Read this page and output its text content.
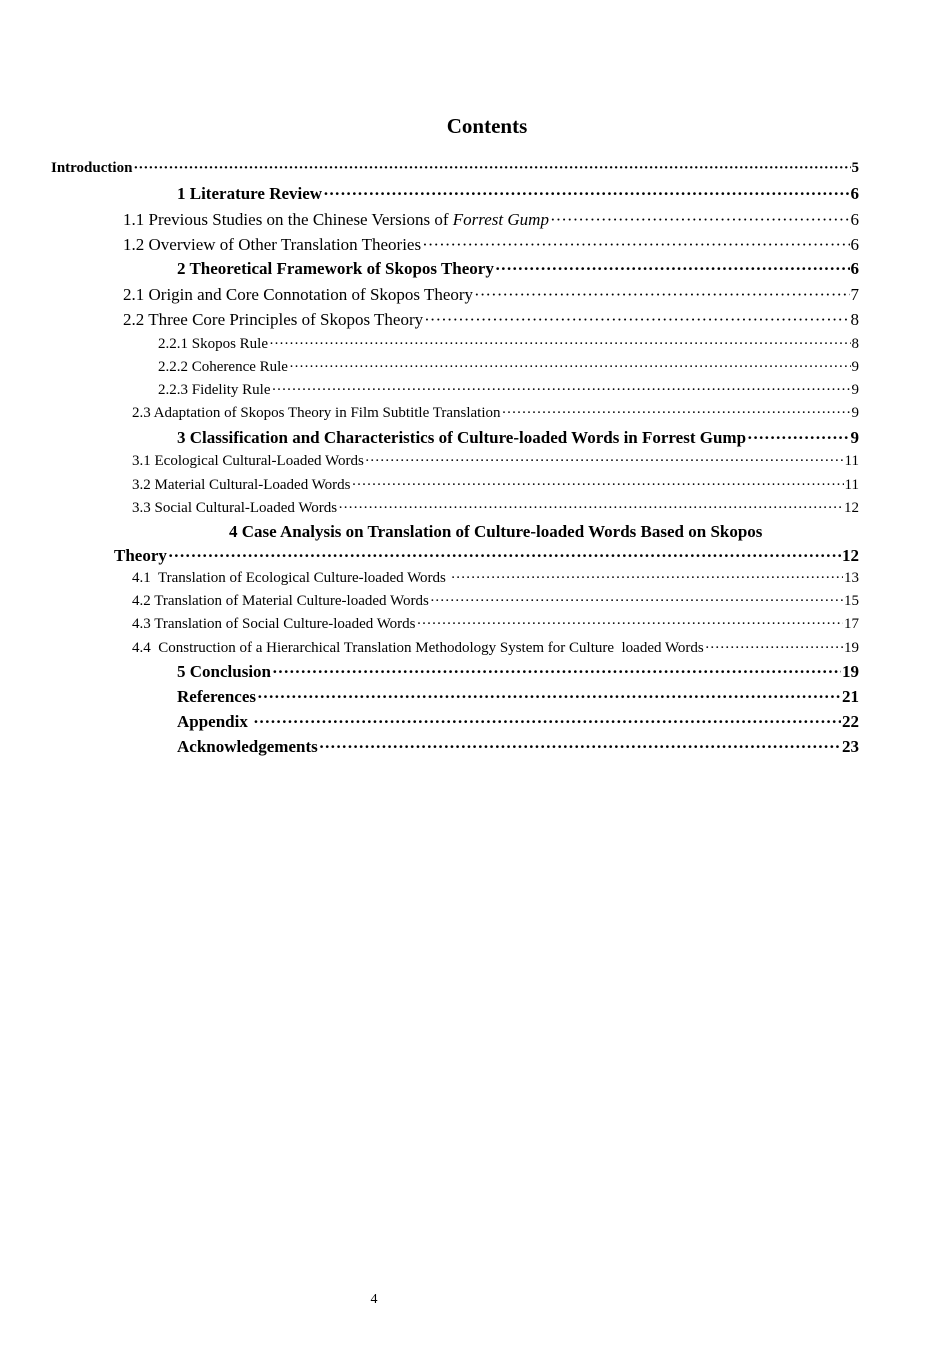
Contents
Introduction ·····	5
1 Literature Review ·····	6
1.1 Previous Studies on the Chinese Versions of Forrest Gump ·····	6
1.2 Overview of Other Translation Theories ·····	6
2 Theoretical Framework of Skopos Theory ·····	6
2.1 Origin and Core Connotation of Skopos Theory ·····	7
2.2 Three Core Principles of Skopos Theory ·····	8
2.2.1 Skopos Rule ·····	8
2.2.2 Coherence Rule ·····	9
2.2.3 Fidelity Rule ·····	9
2.3 Adaptation of Skopos Theory in Film Subtitle Translation ·····	9
3 Classification and Characteristics of Culture-loaded Words in Forrest Gump ·····	9
3.1 Ecological Cultural-Loaded Words ·····	11
3.2 Material Cultural-Loaded Words ·····	11
3.3 Social Cultural-Loaded Words ·····	12
4 Case Analysis on Translation of Culture-loaded Words Based on Skopos
Theory ·····	12
4.1  Translation of Ecological Culture-loaded Words ·····	13
4.2 Translation of Material Culture-loaded Words ·····	15
4.3 Translation of Social Culture-loaded Words ·····	17
4.4  Construction of a Hierarchical Translation Methodology System for Culture  loaded Words ·····	19
5 Conclusion ·····	19
References ·····	21
Appendix ·····	22
Acknowledgements ·····	23
4
